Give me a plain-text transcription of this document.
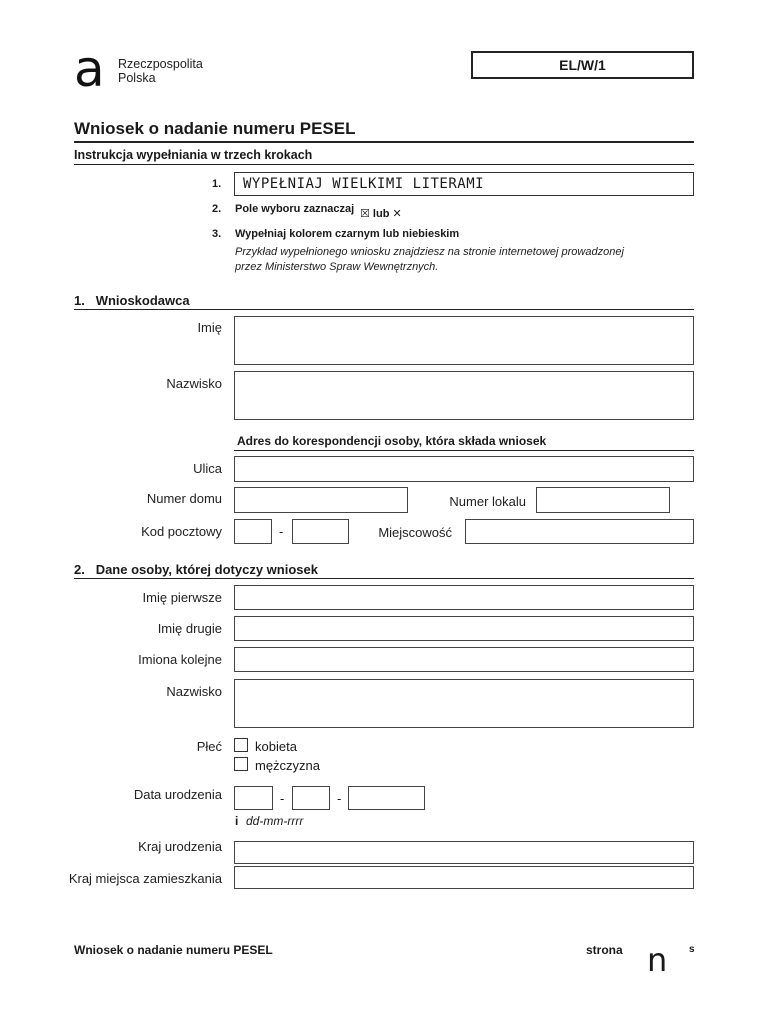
a Rzeczpospolita
Polska
EL/W/1
Wniosek o nadanie numeru PESEL
Instrukcja wypełniania w trzech krokach
1.	WYPEŁNIAJ WIELKIMI LITERAMI
2. Pole wyboru zaznaczaj ☒ lub ✕
3. Wypełniaj kolorem czarnym lub niebieskim
Przykład wypełnionego wniosku znajdziesz na stronie internetowej prowadzonej
przez Ministerstwo Spraw Wewnętrznych.
1. Wnioskodawca
Imię
Nazwisko
Adres do korespondencji osoby, która składa wniosek
Ulica
Numer domu	Numer lokalu
Kod pocztowy	-	Miejscowość
2. Dane osoby, której dotyczy wniosek
Imię pierwsze
Imię drugie
Imiona kolejne
Nazwisko
Płeć	kobieta
mężczyzna
Data urodzenia	-	-
i dd-mm-rrrr
Kraj urodzenia
Kraj miejsca zamieszkania
Wniosek o nadanie numeru PESEL	strona n s
